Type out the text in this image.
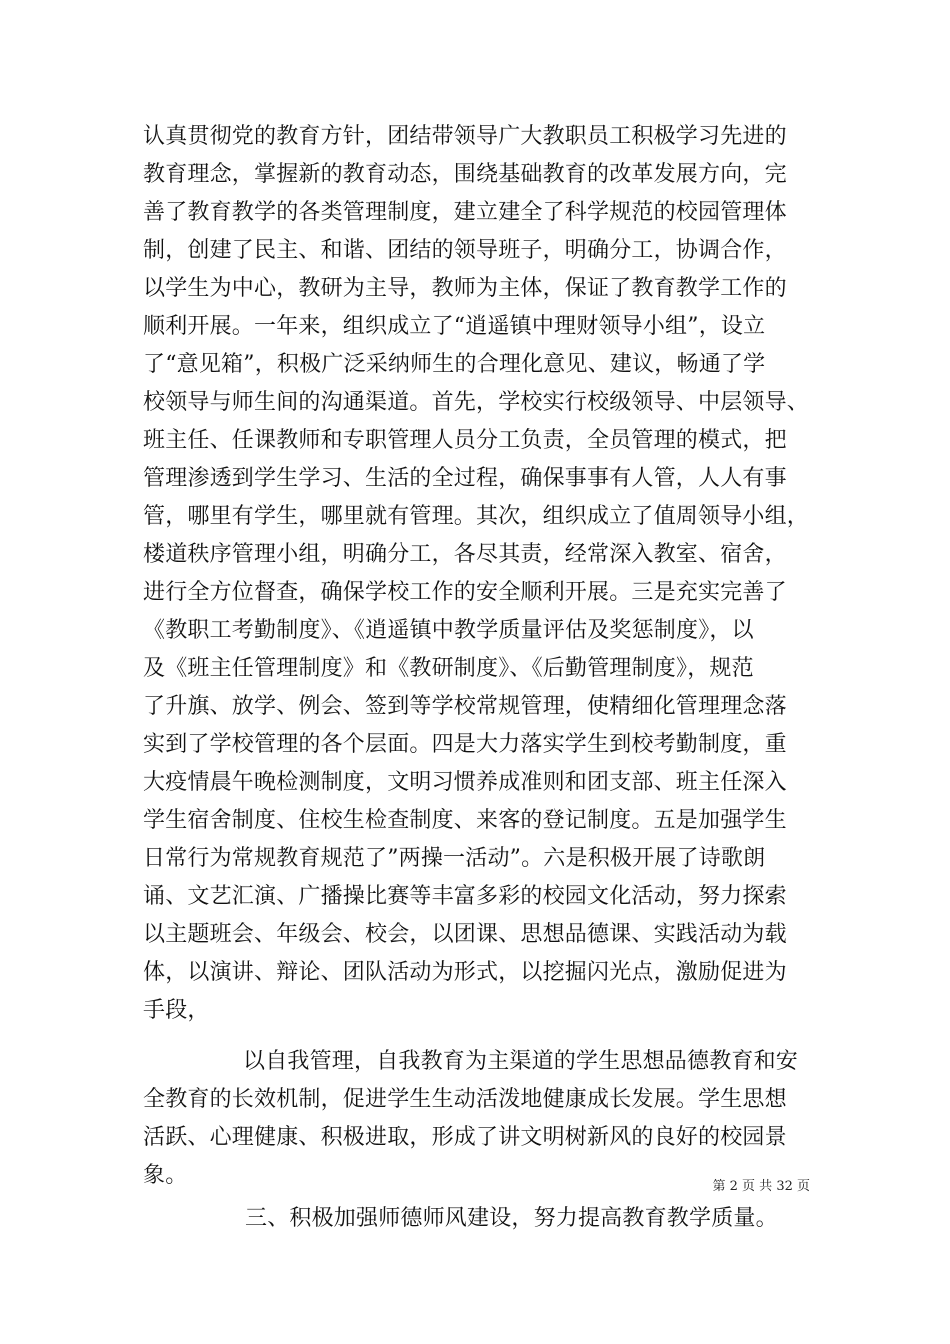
认真贯彻党的教育方针，团结带领导广大教职员工积极学习先进的
教育理念，掌握新的教育动态，围绕基础教育的改革发展方向，完
善了教育教学的各类管理制度，建立建全了科学规范的校园管理体
制，创建了民主、和谐、团结的领导班子，明确分工，协调合作，
以学生为中心，教研为主导，教师为主体，保证了教育教学工作的
顺利开展。一年来，组织成立了“逍遥镇中理财领导小组”，设立
了“意见箱”，积极广泛采纳师生的合理化意见、建议，畅通了学
校领导与师生间的沟通渠道。首先，学校实行校级领导、中层领导、
班主任、任课教师和专职管理人员分工负责，全员管理的模式，把
管理渗透到学生学习、生活的全过程，确保事事有人管，人人有事
管，哪里有学生，哪里就有管理。其次，组织成立了值周领导小组，
楼道秩序管理小组，明确分工，各尽其责，经常深入教室、宿舍，
进行全方位督查，确保学校工作的安全顺利开展。三是充实完善了
《教职工考勤制度》、《逍遥镇中教学质量评估及奖惩制度》，以
及《班主任管理制度》和《教研制度》、《后勤管理制度》，规范
了升旗、放学、例会、签到等学校常规管理，使精细化管理理念落
实到了学校管理的各个层面。四是大力落实学生到校考勤制度，重
大疫情晨午晚检测制度，文明习惯养成准则和团支部、班主任深入
学生宿舍制度、住校生检查制度、来客的登记制度。五是加强学生
日常行为常规教育规范了”两操一活动”。六是积极开展了诗歌朗
诵、文艺汇演、广播操比赛等丰富多彩的校园文化活动，努力探索
以主题班会、年级会、校会，以团课、思想品德课、实践活动为载
体，以演讲、辩论、团队活动为形式，以挖掘闪光点，激励促进为
手段，
以自我管理，自我教育为主渠道的学生思想品德教育和安
全教育的长效机制，促进学生生动活泼地健康成长发展。学生思想
活跃、心理健康、积极进取，形成了讲文明树新风的良好的校园景
象。
三、积极加强师德师风建设，努力提高教育教学质量。
第 2 页 共 32 页
